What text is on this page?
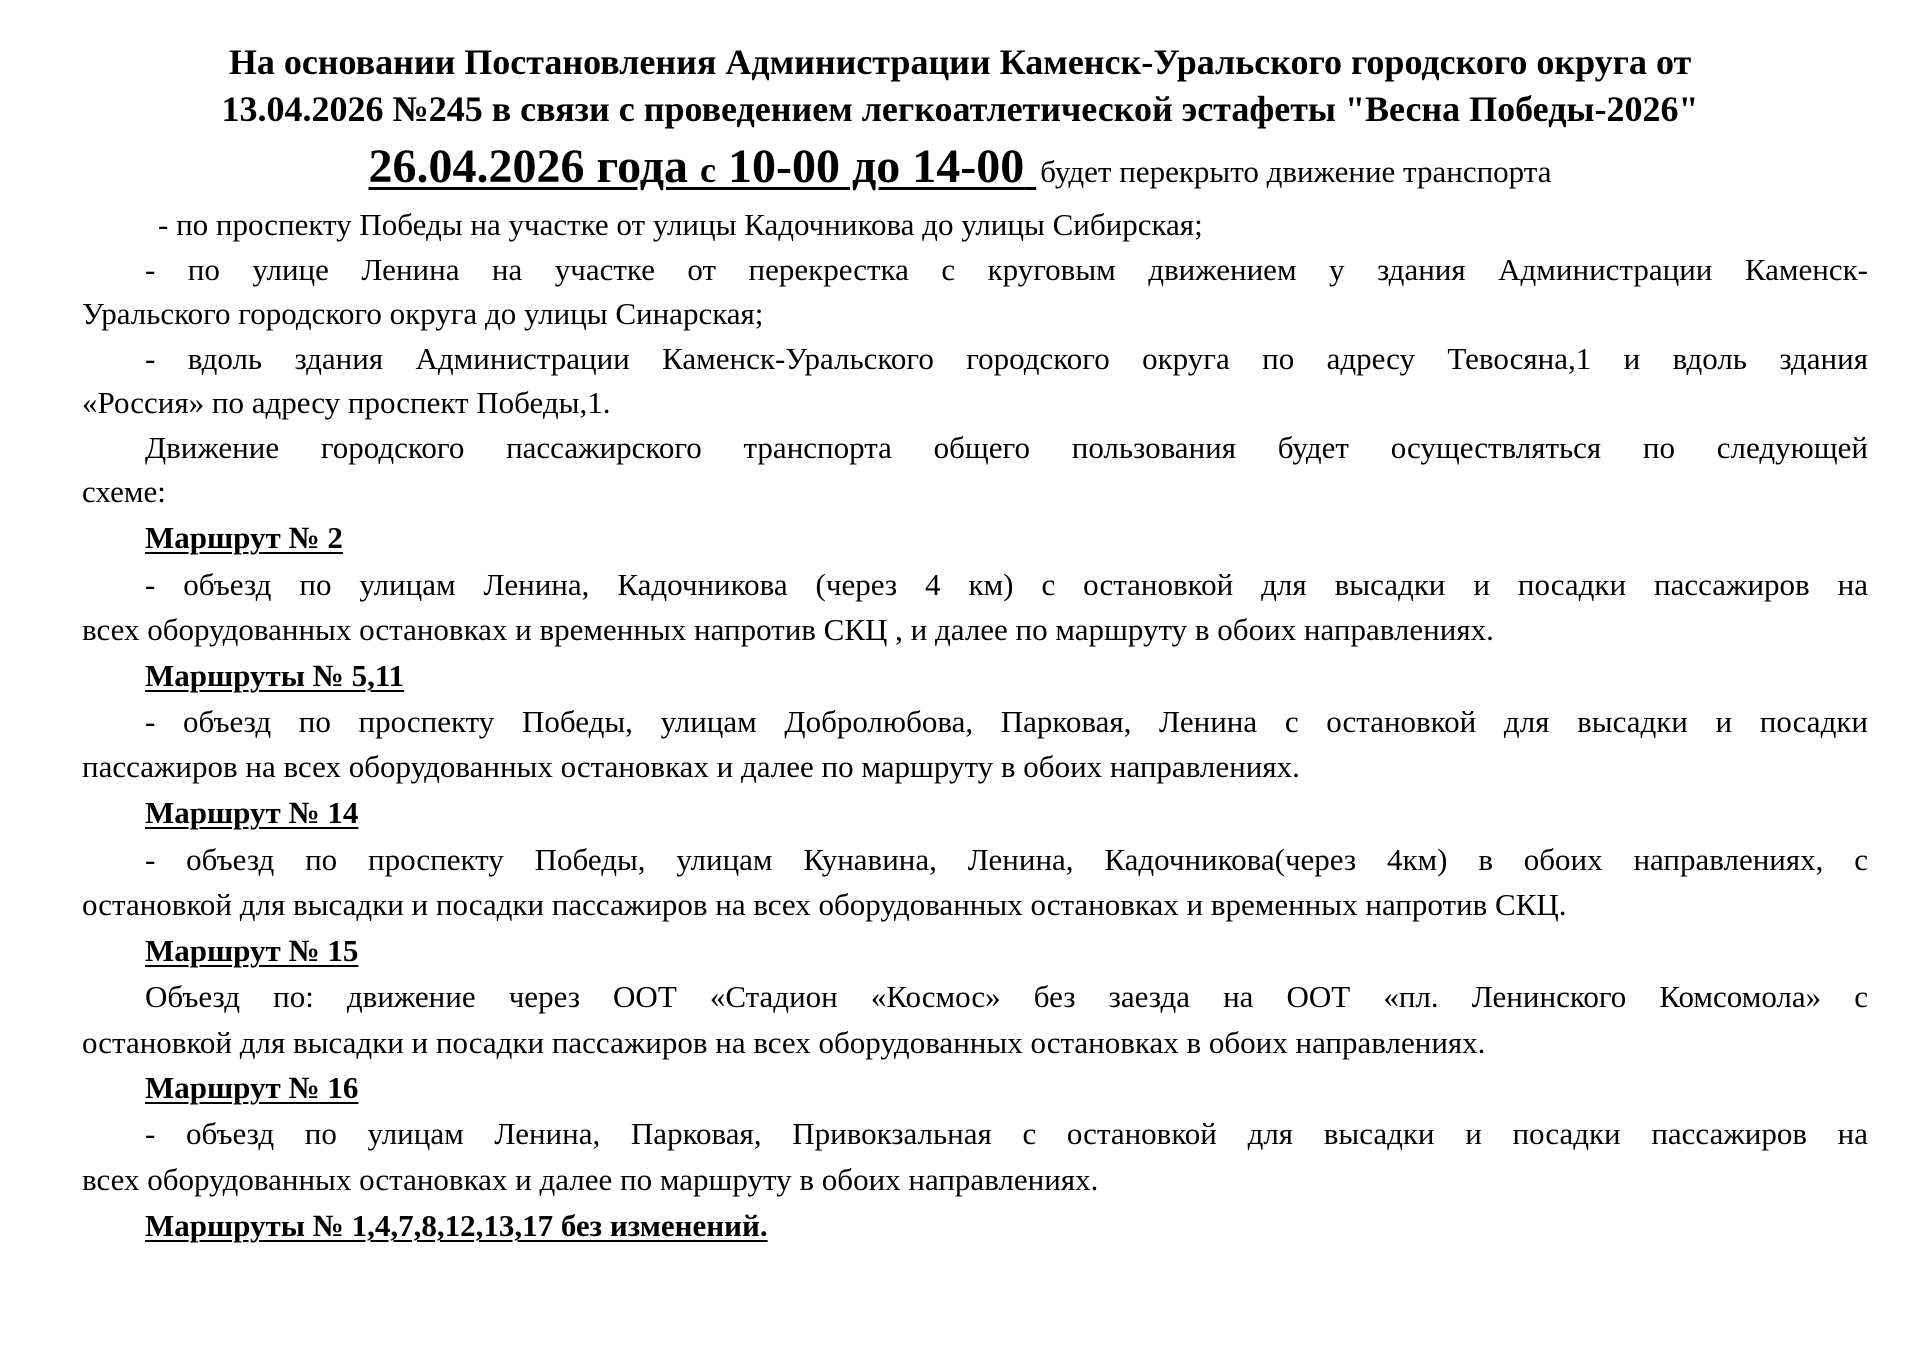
На основании Постановления Администрации Каменск-Уральского городского округа от
13.04.2026 №245 в связи с проведением легкоатлетической эстафеты "Весна Победы-2026"
26.04.2026 года с 10-00 до 14-00 будет перекрыто движение транспорта
- по проспекту Победы на участке от улицы Кадочникова до улицы Сибирская;
- по улице Ленина на участке от перекрестка с круговым движением у здания Администрации Каменск-
Уральского городского округа до улицы Синарская;
- вдоль здания Администрации Каменск-Уральского городского округа по адресу Тевосяна,1 и вдоль здания
«Россия» по адресу проспект Победы,1.
Движение городского пассажирского транспорта общего пользования будет осуществляться по следующей
схеме:
Маршрут № 2
- объезд по улицам Ленина, Кадочникова (через 4 км) с остановкой для высадки и посадки пассажиров на
всех оборудованных остановках и временных напротив СКЦ , и далее по маршруту в обоих направлениях.
Маршруты № 5,11
- объезд по проспекту Победы, улицам Добролюбова, Парковая, Ленина с остановкой для высадки и посадки
пассажиров на всех оборудованных остановках и далее по маршруту в обоих направлениях.
Маршрут № 14
- объезд по проспекту Победы, улицам Кунавина, Ленина, Кадочникова(через 4км) в обоих направлениях, с
остановкой для высадки и посадки пассажиров на всех оборудованных остановках и временных напротив СКЦ.
Маршрут № 15
Объезд по: движение через ООТ «Стадион «Космос» без заезда на ООТ «пл. Ленинского Комсомола» с
остановкой для высадки и посадки пассажиров на всех оборудованных остановках в обоих направлениях.
Маршрут № 16
- объезд по улицам Ленина, Парковая, Привокзальная с остановкой для высадки и посадки пассажиров на
всех оборудованных остановках и далее по маршруту в обоих направлениях.
Маршруты № 1,4,7,8,12,13,17 без изменений.
